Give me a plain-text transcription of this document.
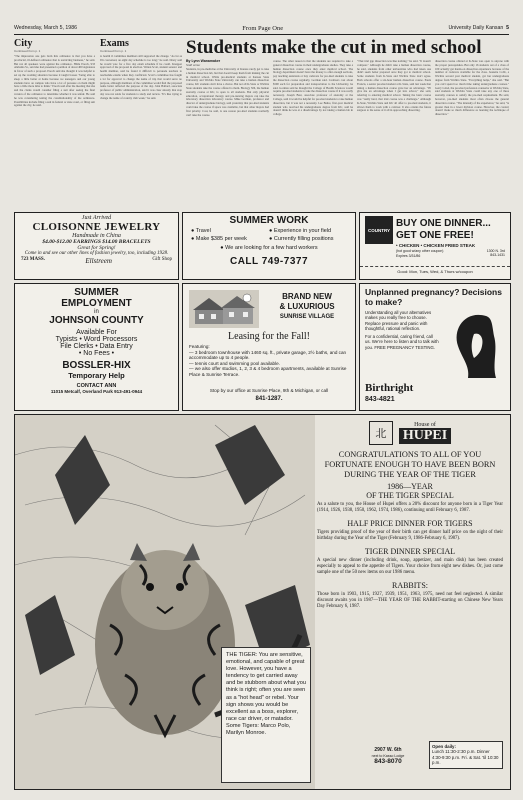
Wednesday, March 5, 1986	From Page One	University Daily Kansan 5
City
Continued from p. 1
"The impression one gets from this ordinance is that you have a provincial, ill-defined ordinance that is restricting business," he said. But not all speakers were against the ordinance. Hilda Enoch, 933 Alabama St., said she had presented a petition of about 400 signatures in favor of such a proposal. Enoch said she thought it was helpful to set up the rooming situation because it taught bosses "being able to sleep a little better at home because we teenagers and our young students have on campus who have a lot of pressure on them might have a little more time to think." Enoch said after the meeting that she and the clerks would consider filing a suit after seeing the final version of the ordinance to determine whether it was unfair. He said he was considering testing the constitutionality of the ordinance. Possibilities include filing a suit in federal or state court, or filing suit against the city, he said.
Exams
Continued from p. 1
to health if committee members still supported the change. "As far as I'm concerned, an eight day schedule is too long," he said. Drury said he would vote for a five day exam schedule if he could. Knapper approved of the proposal in election. Witten Scott, student senator and health member, said he found it difficult to persuade teachers to reschedule exams when they conflicted. Scott's committee has fought a lot for approval to change the name of trip that would serve no purpose, although members of the committee would find the proposed name better reflected the purpose of the day. John Ballard, associate professor of public administration, said it was clear already that stop day was not aside for students to study and review. "It's like trying to change the name of country club week," he said.
Students make the cut in med school
By Lynn Wanamaker
Staff writer
Students, in pre-medicine at the University of Kansas rarely get to take a human dissection lab, but that doesn't keep them from making the cut in medical school. While pre-medical students at Kansas State University and Wichita State University can take a human dissection course, KU students don't have a choice. But not all K-State or Wichita State students take the course offered to them. Biology 506, the human anatomy course at KU, is open to all students. But only physical education, occupational therapy and pre-nursing majors can take the laboratory dissection laboratory course. Mike Gorman, professor and director of undergraduate biology, said yesterday that pre-med students could take the course if space was available, but that other majors had first priority. Cost, he said, is one reason pre-med students normally can't take the course.
course. The other reason is that the students are required to take a general dissection course in their undergraduate studies. They take a human dissection course once they enter medical school. The biology department doesn't have the money to offer enough sections, pay teaching assistants or buy cadavers for pre-med students to take the dissection course regularly, Gorman said. Cadavers cost about $500 each for preparation and transportation to the University, he said. Gorman said he thought the College of Health Sciences would require pre-med students to take the dissection course if it was really necessary. Joseph Bast, associate professor of anatomy at the College, said it would be helpful for pre-med students to take human dissection, but it was not a necessity. Lee Bahre, first-year medical student who received his undergraduate degree from KU, said he doesn't think he was at a disadvantage by not taking a human lab in college.
"That trial gap dissection was like nothing," he said. "It doesn't compare." Although he didn't take a human dissection course, he said, students from other universities who had taken one didn't seem better prepared once they got to medical school. Some students from K-State and Wichita State don't agree. Both schools offer a six-hour human dissection course. Paula Francis, a senior pre-med student at K-State, said last week that taking a human dissection course gave her an advantage. "I'll give me an advantage when I get into school," she said, referring to entering medical school. Taking the basic course was "really hard, that trial course was a challenge." Although K-State, Wichita State and KU all offer to pre-med students, it allows them to work with a cadaver. It also orients the future surgeon to the sense of it all in approaching dissecting.
dissection course offered at K-State was open to anyone with the proper prerequisites. But only 16 students out of a class of 100 actually get hands-on dissection experience because of the number of cadavers available for the class. Jeanette Cobb, a Wichita second year medical student, got her undergraduate degree from Wichita State. "Everything helps," she said. "But you can't spend too much time taking undergraduate courses." Gerry Lobel, the pre-med profession counselor at Wichita State, said students at Wichita State could take any one of three anatomy courses to satisfy the pre-med requirement. He said, however, pre-med students most often choose the general dissection course. "The intensity of the experience," he said, "is greater than in a lower division course. However, the contact doesn't make so much difference as learning the technique of dissection."
Just Arrived
CLOISONNE JEWELRY
Handmade in China
$4.00-$12.00 EARRINGS $14.00 BRACELETS
Great for Spring!
Come in and see our other lines of fashion jewelry, too, including 1928.
723 MASS.	Ellstreem	Gift Shop
SUMMER WORK
● Travel	● Experience in your field
● Make $385 per week	● Currently filling positions
● We are looking for a few hard workers
CALL 749-7377
COUNTRY
BUY ONE DINNER...
GET ONE FREE!
• CHICKEN • CHICKEN FRIED STEAK
(hot good w/any other coupon)
Expires 3/31/86
1300 N. 3rd
843-1431
Good: Mon, Tues, Wed, & Thurs w/coupon
SUMMER
EMPLOYMENT
in
JOHNSON COUNTY
Available For
Typists • Word Processors
File Clerks • Data Entry
• No Fees •
BOSSLER-HIX
Temporary Help
CONTACT ANN
11015 Metcalf, Overland Park 913-491-0944
BRAND NEW
& LUXURIOUS
SUNRISE VILLAGE
Leasing for the Fall!
Featuring:
— 3 bedroom townhouse with 1460 sq. ft., private garage, 2½ baths, and can accommodate up to 4 people.
— tennis court and swimming pool available.
— we also offer studios, 1, 2, 3 & 4 bedroom apartments, available at Sunrise Place & Sunrise Terrace.
Stop by our office at Sunrise Place, 9th & Michigan, or call
841-1287.
Unplanned pregnancy? Decisions to make?
Understanding all your alternatives makes you really free to choose. Replace pressure and panic with thoughtful, rational reflection.
For a confidential, caring friend, call us. We're here to listen and to talk with you. FREE PREGNANCY TESTING.
Birthright
843-4821
THE TIGER: You are sensitive, emotional, and capable of great love. However, you have a tendency to get carried away and be stubborn about what you think is right; often you are seen as a "hot head" or rebel. Your sign shows you would be excellent as a boss, explorer, race car driver, or matador. Some Tigers: Marco Polo, Marilyn Monroe.
北
House of
HUPEI
CONGRATULATIONS TO ALL OF YOU FORTUNATE ENOUGH TO HAVE BEEN BORN DURING THE YEAR OF THE TIGER
1986—YEAR
OF THE TIGER SPECIAL
As a salute to you, the House of Hupei offers a 20% discount for anyone born in a Tiger Year (1914, 1926, 1938, 1950, 1962, 1974, 1986), continuing until February 6, 1987.
HALF PRICE DINNER FOR TIGERS
Tigers providing proof of the year of their birth can get dinner half price on the night of their birthday during the Year of the Tiger (February 9, 1986-February 6, 1987).
TIGER DINNER SPECIAL
A special new dinner (including drink, soup, appetizer, and main dish) has been created especially to appeal to the appetite of Tigers. Your choice from eight new dishes. Or, just come sample one of the 50 new items on our 1986 menu.
RABBITS:
Those born in 1903, 1915, 1927, 1939, 1951, 1963, 1975, need not feel neglected. A similar discount awaits you in 1987—THE YEAR OF THE RABBIT-starting on Chinese New Years Day February 6, 1987.
2907 W. 6th
next to Kasso Lodge
843-8070
Open daily:
Lunch 11:30-2:30 p.m. Dinner 4:30-9:30 p.m. Fri. & Sat. 'til 10:30 p.m.
